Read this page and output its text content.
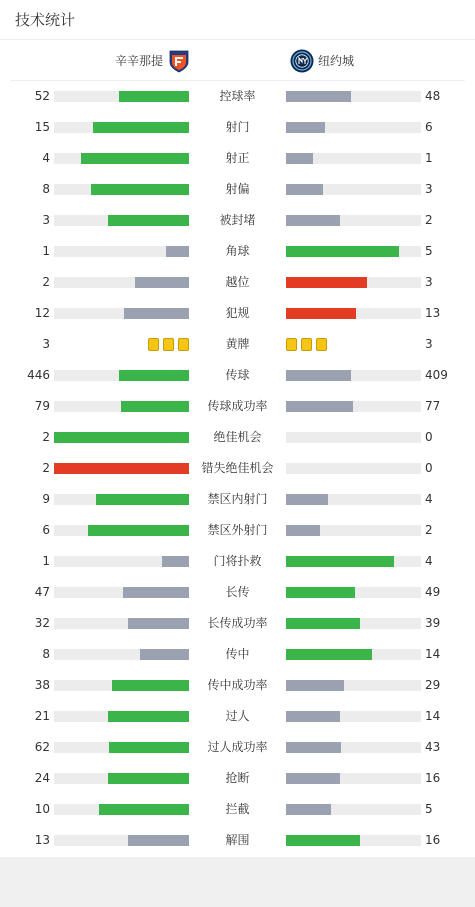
技术统计
辛辛那提	纽约城
52	控球率	48
15	射门	6
4	射正	1
8	射偏	3
3	被封堵	2
1	角球	5
2	越位	3
12	犯规	13
3	黄牌	3
446	传球	409
79	传球成功率	77
2	绝佳机会	0
2	错失绝佳机会	0
9	禁区内射门	4
6	禁区外射门	2
1	门将扑救	4
47	长传	49
32	长传成功率	39
8	传中	14
38	传中成功率	29
21	过人	14
62	过人成功率	43
24	抢断	16
10	拦截	5
13	解围	16
